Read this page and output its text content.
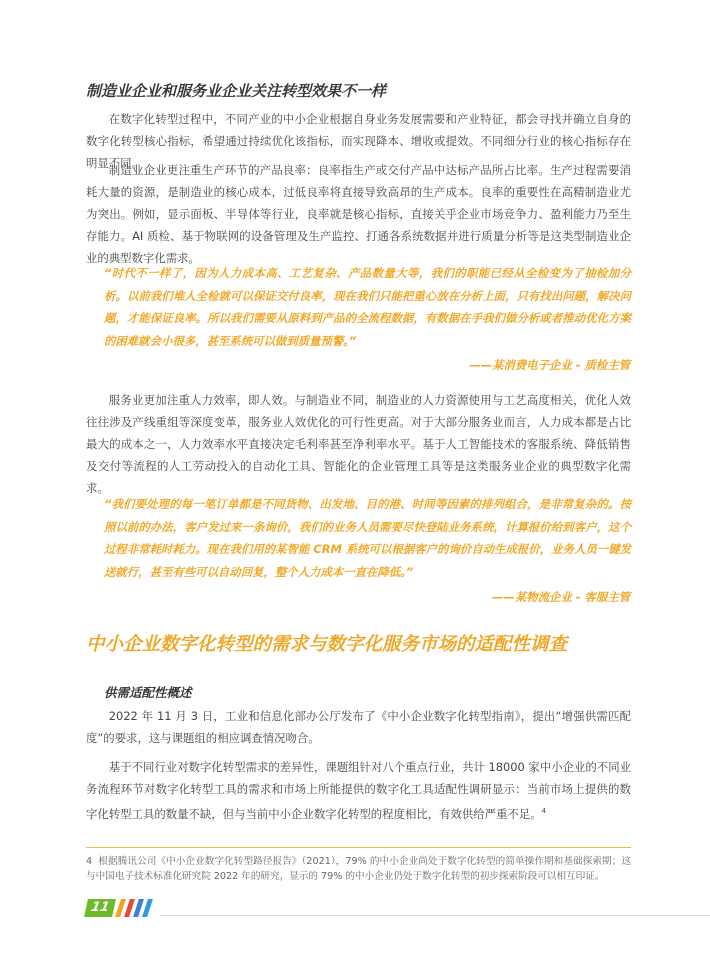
制造业企业和服务业企业关注转型效果不一样

在数字化转型过程中，不同产业的中小企业根据自身业务发展需要和产业特征，都会寻找并确立自身的数字化转型核心指标，希望通过持续优化该指标，而实现降本、增收或提效。不同细分行业的核心指标存在明显不同。

制造业企业更注重生产环节的产品良率：良率指生产或交付产品中达标产品所占比率。生产过程需要消耗大量的资源，是制造业的核心成本，过低良率将直接导致高昂的生产成本。良率的重要性在高精制造业尤为突出。例如，显示面板、半导体等行业，良率就是核心指标，直接关乎企业市场竞争力、盈利能力乃至生存能力。AI 质检、基于物联网的设备管理及生产监控、打通各系统数据并进行质量分析等是这类型制造业企业的典型数字化需求。

“时代不一样了，因为人力成本高、工艺复杂、产品数量大等，我们的职能已经从全检变为了抽检加分析。以前我们堆人全检就可以保证交付良率，现在我们只能把重心放在分析上面，只有找出问题，解决问题，才能保证良率。所以我们需要从原料到产品的全流程数据，有数据在手我们做分析或者推动优化方案的困难就会小很多，甚至系统可以做到质量预警。”

——某消费电子企业 - 质检主管

服务业更加注重人力效率，即人效。与制造业不同，制造业的人力资源使用与工艺高度相关，优化人效往往涉及产线重组等深度变革，服务业人效优化的可行性更高。对于大部分服务业而言，人力成本都是占比最大的成本之一，人力效率水平直接决定毛利率甚至净利率水平。基于人工智能技术的客服系统、降低销售及交付等流程的人工劳动投入的自动化工具、智能化的企业管理工具等是这类服务业企业的典型数字化需求。

“我们要处理的每一笔订单都是不同货物、出发地、目的港、时间等因素的排列组合，是非常复杂的。按照以前的办法，客户发过来一条询价，我们的业务人员需要尽快登陆业务系统，计算报价给到客户，这个过程非常耗时耗力。现在我们用的某智能 CRM 系统可以根据客户的询价自动生成报价，业务人员一键发送就行，甚至有些可以自动回复，整个人力成本一直在降低。”

——某物流企业 - 客服主管

中小企业数字化转型的需求与数字化服务市场的适配性调查
供需适配性概述

2022 年 11 月 3 日，工业和信息化部办公厅发布了《中小企业数字化转型指南》，提出“增强供需匹配度”的要求，这与课题组的相应调查情况吻合。

基于不同行业对数字化转型需求的差异性，课题组针对八个重点行业，共计 18000 家中小企业的不同业务流程环节对数字化转型工具的需求和市场上所能提供的数字化工具适配性调研显示：当前市场上提供的数字化转型工具的数量不缺，但与当前中小企业数字化转型的程度相比，有效供给严重不足。$^4$

4 根据腾讯公司《中小企业数字化转型路径报告》（2021），79% 的中小企业尚处于数字化转型的简单操作期和基础探索期；这与中国电子技术标准化研究院 2022 年的研究，显示的 79% 的中小企业仍处于数字化转型的初步探索阶段可以相互印证。

11
